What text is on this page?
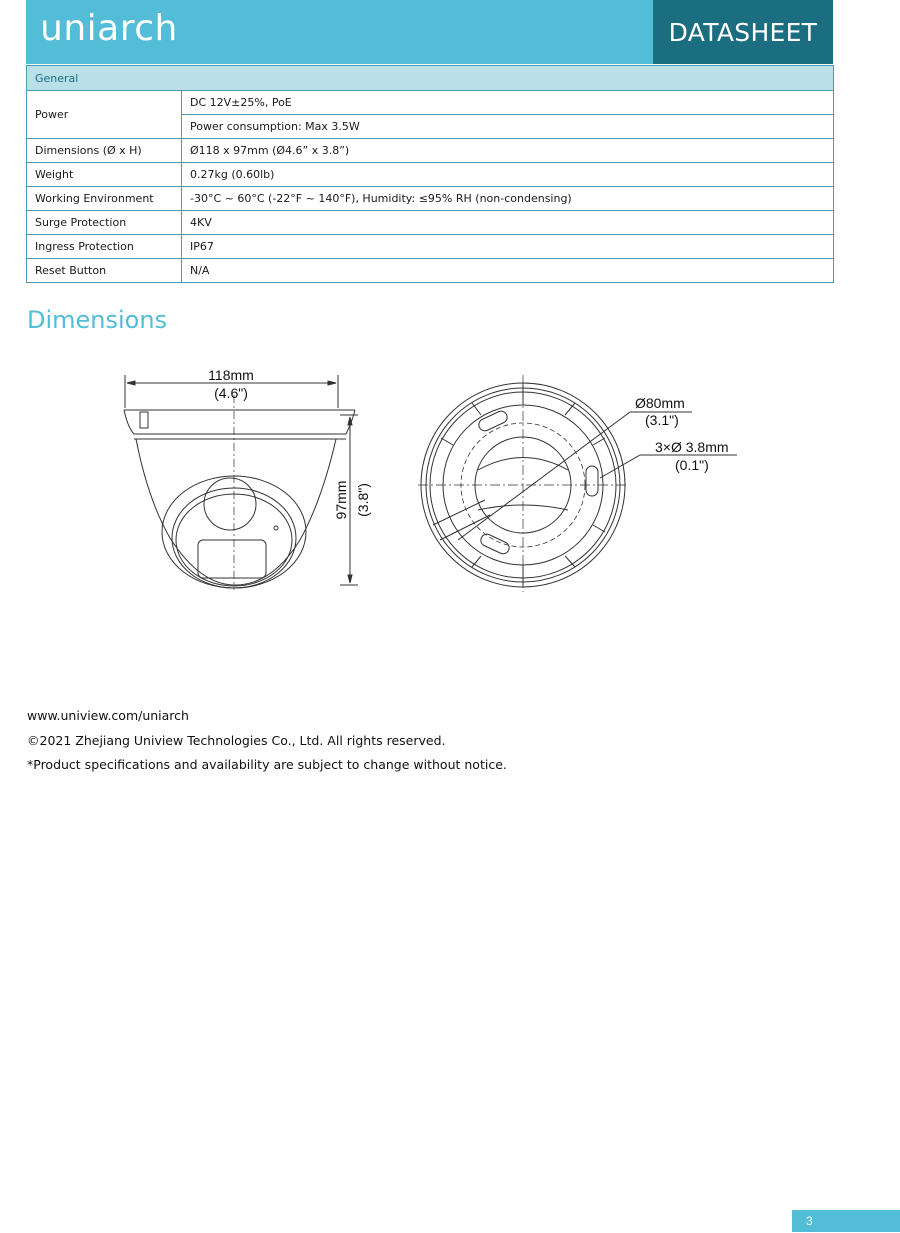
uniarch	DATASHEET
General	
Power	DC 12V±25%, PoE
	Power consumption: Max 3.5W
Dimensions (Ø x H)	Ø118 x 97mm (Ø4.6” x 3.8”)
Weight	0.27kg (0.60lb)
Working Environment	-30°C ~ 60°C (-22°F ~ 140°F), Humidity: ≤95% RH (non-condensing)
Surge Protection	4KV
Ingress Protection	IP67
Reset Button	N/A
Dimensions
118mm
(4.6")
97mm (3.8")
Ø80mm
(3.1")
3×Ø 3.8mm
(0.1")
www.uniview.com/uniarch
©2021 Zhejiang Uniview Technologies Co., Ltd. All rights reserved.
*Product specifications and availability are subject to change without notice.
3
